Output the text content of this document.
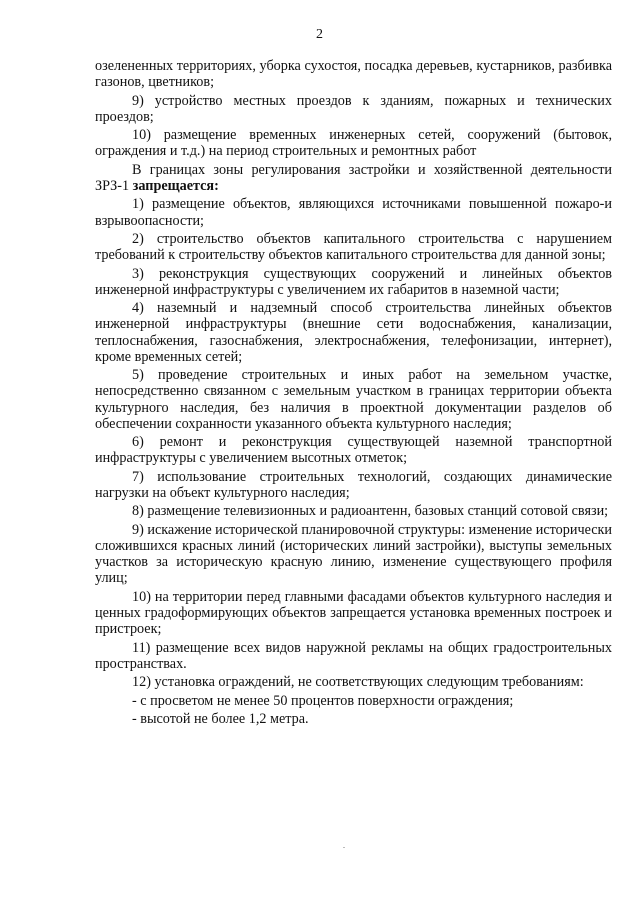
2

озелененных территориях, уборка сухостоя, посадка деревьев, кустарников, разбивка газонов, цветников;

9) устройство местных проездов к зданиям, пожарных и технических проездов;

10) размещение временных инженерных сетей, сооружений (бытовок, ограждения и т.д.) на период строительных и ремонтных работ

В границах зоны регулирования застройки и хозяйственной деятельности ЗРЗ-1 запрещается:

1) размещение объектов, являющихся источниками повышенной пожаро-и взрывоопасности;

2) строительство объектов капитального строительства с нарушением требований к строительству объектов капитального строительства для данной зоны;

3) реконструкция существующих сооружений и линейных объектов инженерной инфраструктуры с увеличением их габаритов в наземной части;

4) наземный и надземный способ строительства линейных объектов инженерной инфраструктуры (внешние сети водоснабжения, канализации, теплоснабжения, газоснабжения, электроснабжения, телефонизации, интернет), кроме временных сетей;

5) проведение строительных и иных работ на земельном участке, непосредственно связанном с земельным участком в границах территории объекта культурного наследия, без наличия в проектной документации разделов об обеспечении сохранности указанного объекта культурного наследия;

6) ремонт и реконструкция существующей наземной транспортной инфраструктуры с увеличением высотных отметок;

7) использование строительных технологий, создающих динамические нагрузки на объект культурного наследия;

8) размещение телевизионных и радиоантенн, базовых станций сотовой связи;

9) искажение исторической планировочной структуры: изменение исторически сложившихся красных линий (исторических линий застройки), выступы земельных участков за историческую красную линию, изменение существующего профиля улиц;

10) на территории перед главными фасадами объектов культурного наследия и ценных градоформирующих объектов запрещается установка временных построек и пристроек;

11) размещение всех видов наружной рекламы на общих градостроительных пространствах.

12) установка ограждений, не соответствующих следующим требованиям:

- с просветом не менее 50 процентов поверхности ограждения;

- высотой не более 1,2 метра.
